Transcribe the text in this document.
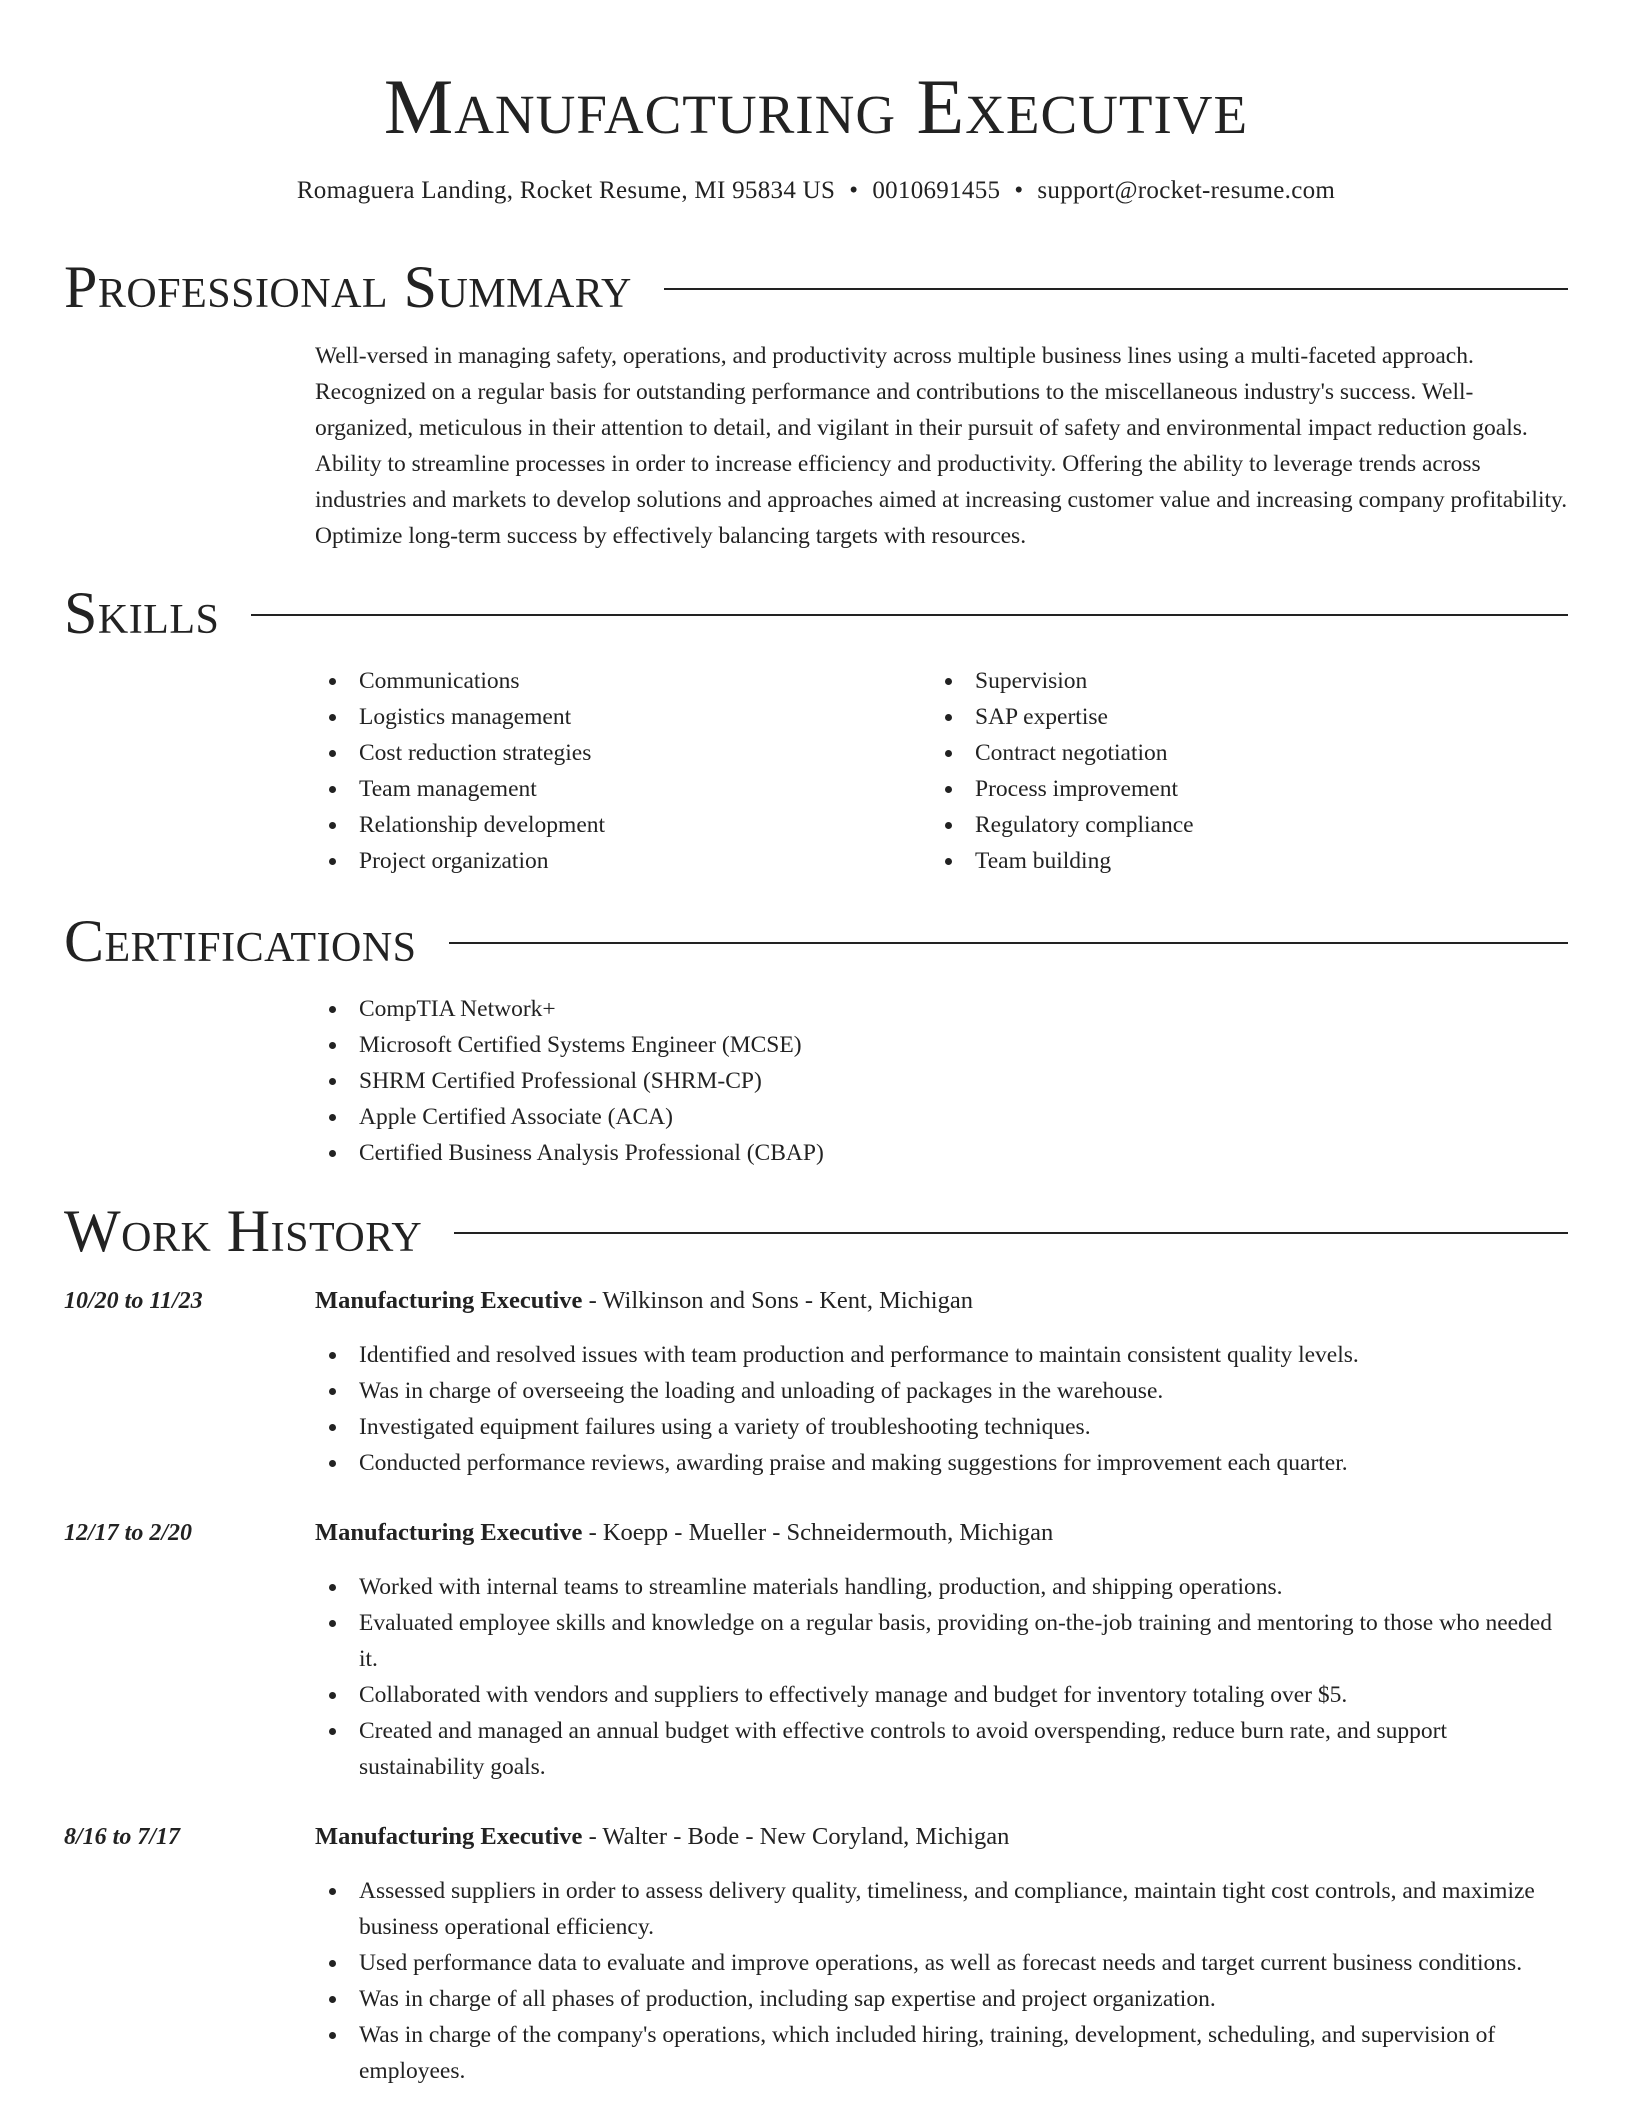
Manufacturing Executive
Romaguera Landing, Rocket Resume, MI 95834 US • 0010691455 • support@rocket-resume.com
Professional Summary

Well-versed in managing safety, operations, and productivity across multiple business lines using a multi-faceted approach. Recognized on a regular basis for outstanding performance and contributions to the miscellaneous industry's success. Well-organized, meticulous in their attention to detail, and vigilant in their pursuit of safety and environmental impact reduction goals. Ability to streamline processes in order to increase efficiency and productivity. Offering the ability to leverage trends across industries and markets to develop solutions and approaches aimed at increasing customer value and increasing company profitability. Optimize long-term success by effectively balancing targets with resources.

Skills
Communications
Logistics management
Cost reduction strategies
Team management
Relationship development
Project organization
Supervision
SAP expertise
Contract negotiation
Process improvement
Regulatory compliance
Team building
Certifications
CompTIA Network+
Microsoft Certified Systems Engineer (MCSE)
SHRM Certified Professional (SHRM-CP)
Apple Certified Associate (ACA)
Certified Business Analysis Professional (CBAP)
Work History
10/20 to 11/23	Manufacturing Executive - Wilkinson and Sons - Kent, Michigan
Identified and resolved issues with team production and performance to maintain consistent quality levels.
Was in charge of overseeing the loading and unloading of packages in the warehouse.
Investigated equipment failures using a variety of troubleshooting techniques.
Conducted performance reviews, awarding praise and making suggestions for improvement each quarter.
12/17 to 2/20	Manufacturing Executive - Koepp - Mueller - Schneidermouth, Michigan
Worked with internal teams to streamline materials handling, production, and shipping operations.
Evaluated employee skills and knowledge on a regular basis, providing on-the-job training and mentoring to those who needed it.
Collaborated with vendors and suppliers to effectively manage and budget for inventory totaling over $5.
Created and managed an annual budget with effective controls to avoid overspending, reduce burn rate, and support sustainability goals.
8/16 to 7/17	Manufacturing Executive - Walter - Bode - New Coryland, Michigan
Assessed suppliers in order to assess delivery quality, timeliness, and compliance, maintain tight cost controls, and maximize business operational efficiency.
Used performance data to evaluate and improve operations, as well as forecast needs and target current business conditions.
Was in charge of all phases of production, including sap expertise and project organization.
Was in charge of the company's operations, which included hiring, training, development, scheduling, and supervision of employees.
